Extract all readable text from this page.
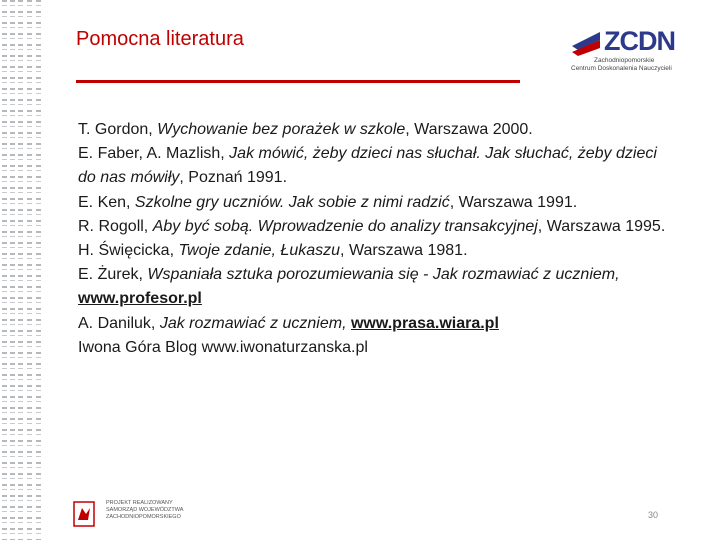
Pomocna literatura	ZCDN
Zachodniopomorskie
Centrum Doskonalenia Nauczycieli

T. Gordon, Wychowanie bez porażek w szkole, Warszawa 2000.

E. Faber, A. Mazlish, Jak mówić, żeby dzieci nas słuchał. Jak słuchać, żeby dzieci do nas mówiły, Poznań 1991.

E. Ken, Szkolne gry uczniów. Jak sobie z nimi radzić, Warszawa 1991.

R. Rogoll, Aby być sobą. Wprowadzenie do analizy transakcyjnej, Warszawa 1995.

H. Święcicka, Twoje zdanie, Łukaszu, Warszawa 1981.

E. Żurek, Wspaniała sztuka porozumiewania się - Jak rozmawiać z uczniem, www.profesor.pl

A. Daniluk, Jak rozmawiać z uczniem, www.prasa.wiara.pl

Iwona Góra Blog www.iwonaturzanska.pl

PROJEKT REALIZOWANY
SAMORZĄD WOJEWÓDZTWA
ZACHODNIOPOMORSKIEGO	30
